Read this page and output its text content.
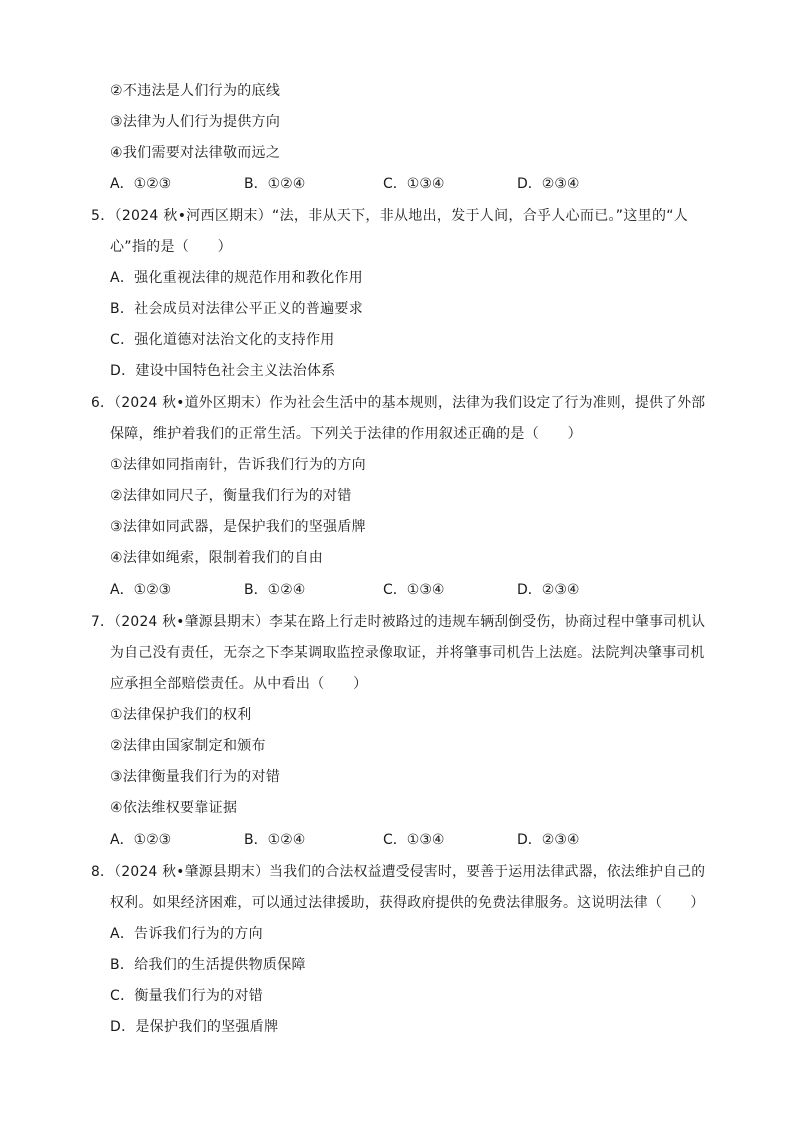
②不违法是人们行为的底线
③法律为人们行为提供方向
④我们需要对法律敬而远之
A．①②③	B．①②④	C．①③④	D．②③④
5．（2024 秋•河西区期末）“法，非从天下，非从地出，发于人间，合乎人心而已。”这里的“人
心”指的是（　　）
A．强化重视法律的规范作用和教化作用
B．社会成员对法律公平正义的普遍要求
C．强化道德对法治文化的支持作用
D．建设中国特色社会主义法治体系
6．（2024 秋•道外区期末）作为社会生活中的基本规则，法律为我们设定了行为准则，提供了外部
保障，维护着我们的正常生活。下列关于法律的作用叙述正确的是（　　）
①法律如同指南针，告诉我们行为的方向
②法律如同尺子，衡量我们行为的对错
③法律如同武器，是保护我们的坚强盾牌
④法律如绳索，限制着我们的自由
A．①②③	B．①②④	C．①③④	D．②③④
7．（2024 秋•肇源县期末）李某在路上行走时被路过的违规车辆刮倒受伤，协商过程中肇事司机认
为自己没有责任，无奈之下李某调取监控录像取证，并将肇事司机告上法庭。法院判决肇事司机
应承担全部赔偿责任。从中看出（　　）
①法律保护我们的权利
②法律由国家制定和颁布
③法律衡量我们行为的对错
④依法维权要靠证据
A．①②③	B．①②④	C．①③④	D．②③④
8．（2024 秋•肇源县期末）当我们的合法权益遭受侵害时，要善于运用法律武器，依法维护自己的
权利。如果经济困难，可以通过法律援助，获得政府提供的免费法律服务。这说明法律（　　）
A．告诉我们行为的方向
B．给我们的生活提供物质保障
C．衡量我们行为的对错
D．是保护我们的坚强盾牌
